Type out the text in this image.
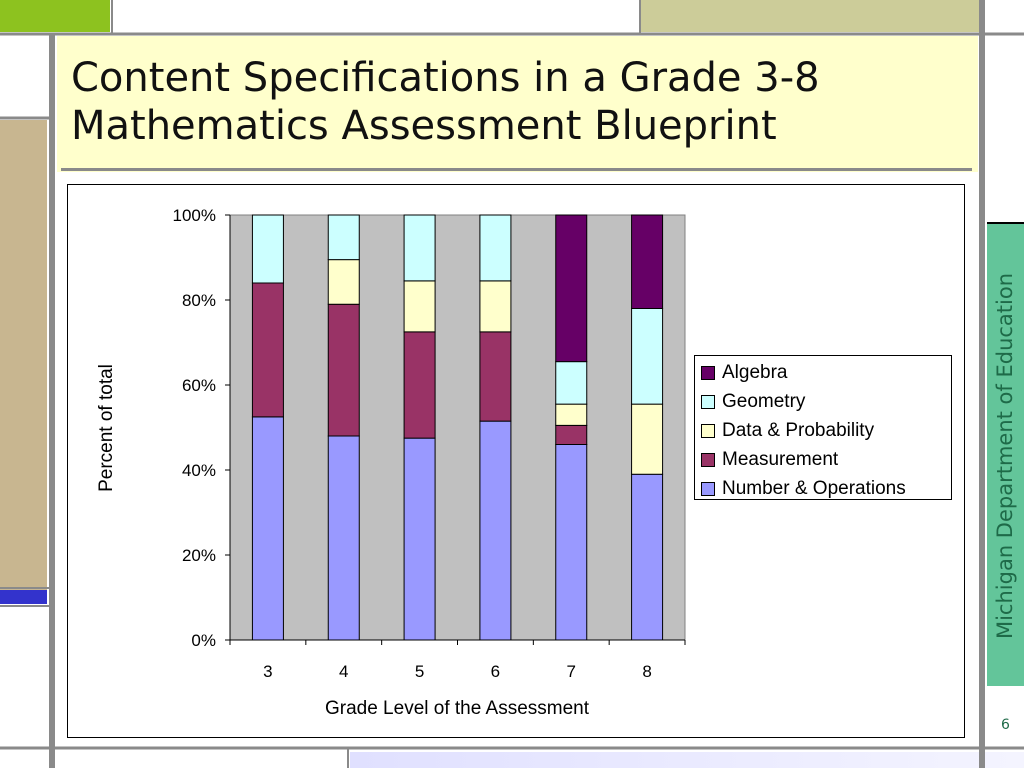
Content Specifications in a Grade 3-8
Mathematics Assessment Blueprint
Michigan Department of Education
6
0%
20%
40%
60%
80%
100%
3	4	5	6	7	8
Percent of total
Grade Level of the Assessment
Algebra
Geometry
Data & Probability
Measurement
Number & Operations
